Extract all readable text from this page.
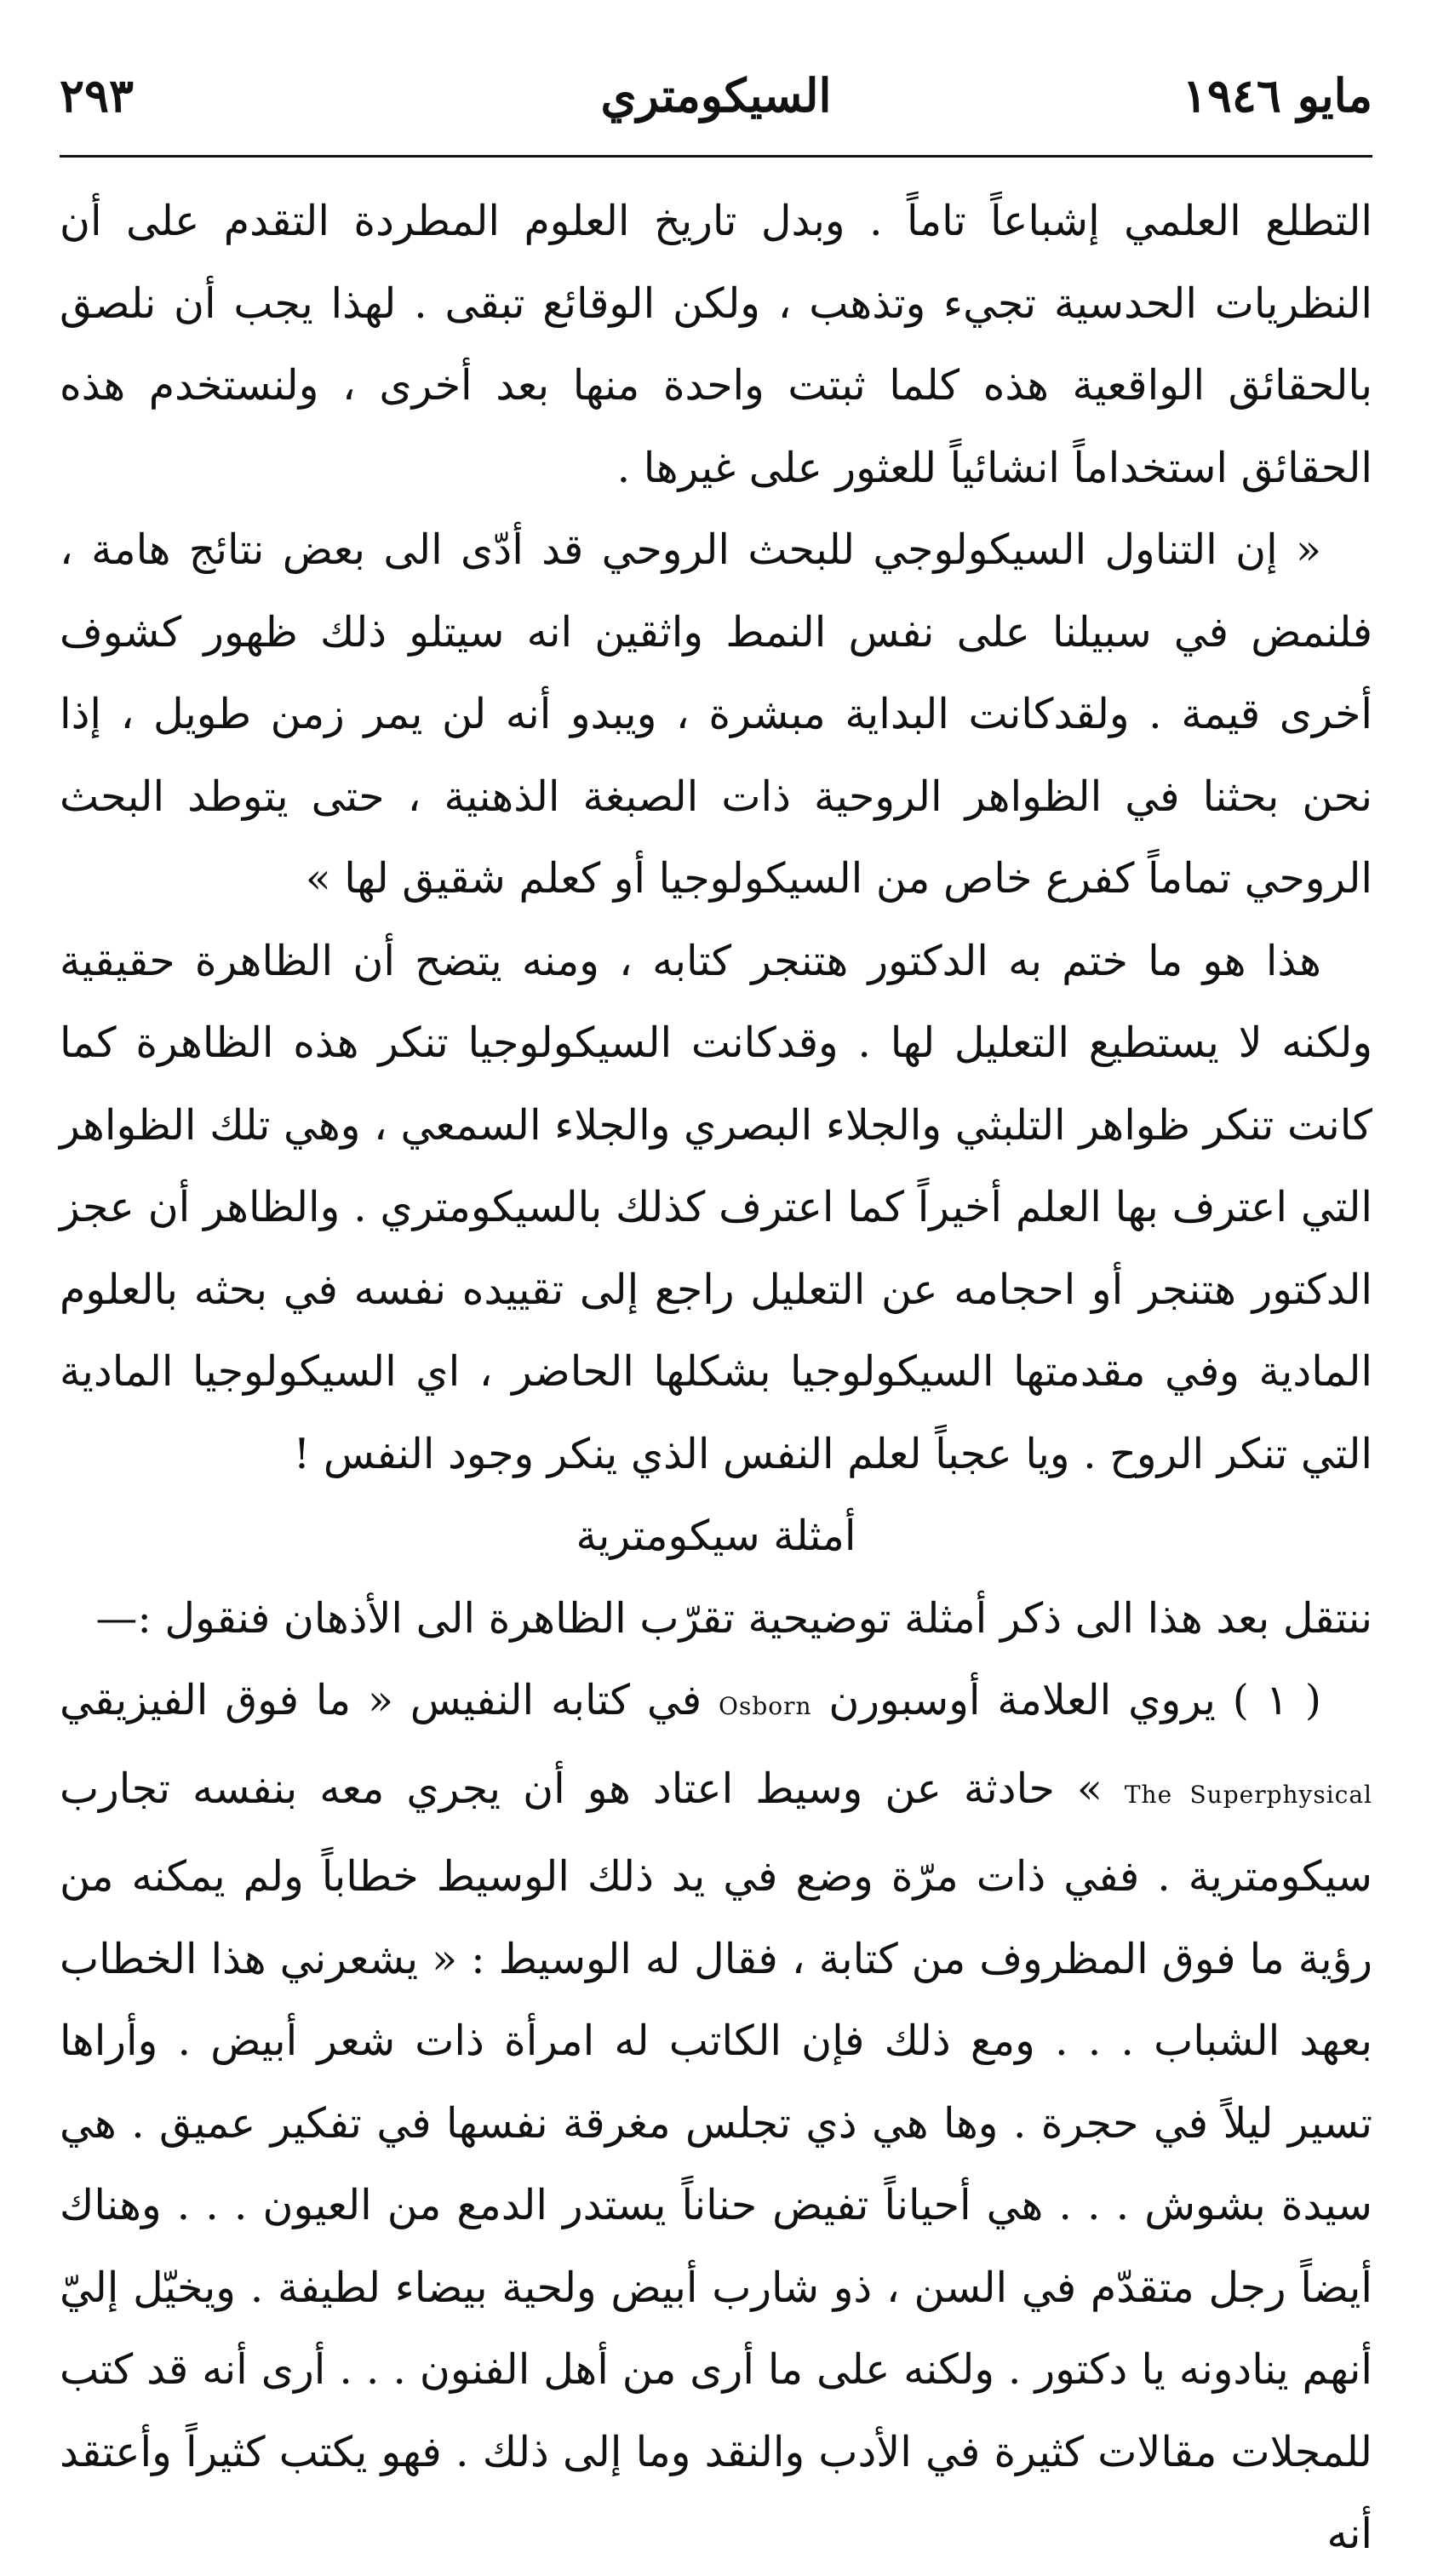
مايو ١٩٤٦
السيكومتري
٢٩٣

التطلع العلمي إشباعاً تاماً . وبدل تاريخ العلوم المطردة التقدم على أن النظريات الحدسية تجيء وتذهب ، ولكن الوقائع تبقى . لهذا يجب أن نلصق بالحقائق الواقعية هذه كلما ثبتت واحدة منها بعد أخرى ، ولنستخدم هذه الحقائق استخداماً انشائياً للعثور على غيرها .

« إن التناول السيكولوجي للبحث الروحي قد أدّى الى بعض نتائج هامة ، فلنمض في سبيلنا على نفس النمط واثقين انه سيتلو ذلك ظهور كشوف أخرى قيمة . ولقدكانت البداية مبشرة ، ويبدو أنه لن يمر زمن طويل ، إذا نحن بحثنا في الظواهر الروحية ذات الصبغة الذهنية ، حتى يتوطد البحث الروحي تماماً كفرع خاص من السيكولوجيا أو كعلم شقيق لها »

هذا هو ما ختم به الدكتور هتنجر كتابه ، ومنه يتضح أن الظاهرة حقيقية ولكنه لا يستطيع التعليل لها . وقدكانت السيكولوجيا تنكر هذه الظاهرة كما كانت تنكر ظواهر التلبثي والجلاء البصري والجلاء السمعي ، وهي تلك الظواهر التي اعترف بها العلم أخيراً كما اعترف كذلك بالسيكومتري . والظاهر أن عجز الدكتور هتنجر أو احجامه عن التعليل راجع إلى تقييده نفسه في بحثه بالعلوم المادية وفي مقدمتها السيكولوجيا بشكلها الحاضر ، اي السيكولوجيا المادية التي تنكر الروح . ويا عجباً لعلم النفس الذي ينكر وجود النفس !

أمثلة سيكومترية

ننتقل بعد هذا الى ذكر أمثلة توضيحية تقرّب الظاهرة الى الأذهان فنقول :—

( ١ ) يروي العلامة أوسبورن Osborn في كتابه النفيس « ما فوق الفيزيقي The Superphysical » حادثة عن وسيط اعتاد هو أن يجري معه بنفسه تجارب سيكومترية . ففي ذات مرّة وضع في يد ذلك الوسيط خطاباً ولم يمكنه من رؤية ما فوق المظروف من كتابة ، فقال له الوسيط : « يشعرني هذا الخطاب بعهد الشباب . . . ومع ذلك فإن الكاتب له امرأة ذات شعر أبيض . وأراها تسير ليلاً في حجرة . وها هي ذي تجلس مغرقة نفسها في تفكير عميق . هي سيدة بشوش . . . هي أحياناً تفيض حناناً يستدر الدمع من العيون . . . وهناك أيضاً رجل متقدّم في السن ، ذو شارب أبيض ولحية بيضاء لطيفة . ويخيّل إليّ أنهم ينادونه يا دكتور . ولكنه على ما أرى من أهل الفنون . . . أرى أنه قد كتب للمجلات مقالات كثيرة في الأدب والنقد وما إلى ذلك . فهو يكتب كثيراً وأعتقد أنه
